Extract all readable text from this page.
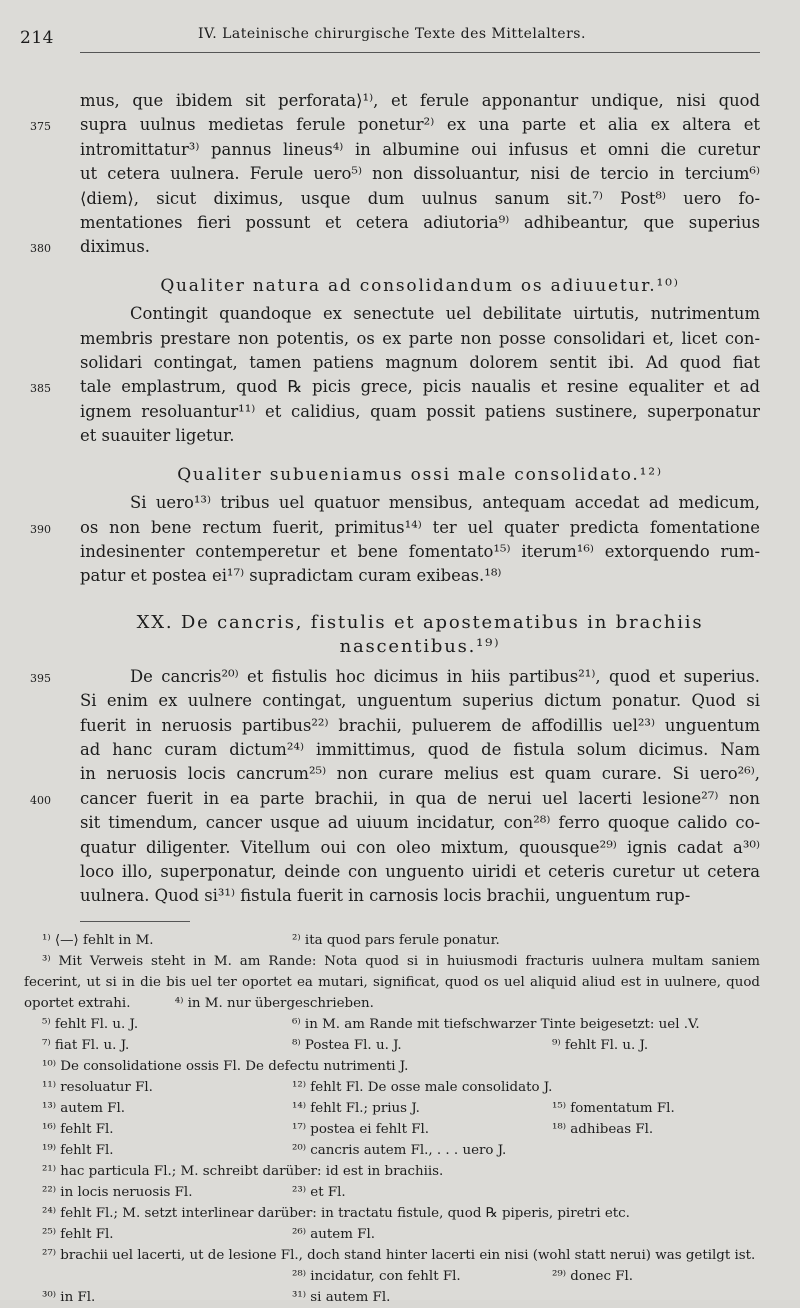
214	IV. Lateinische chirurgische Texte des Mittelalters.
mus, que ibidem sit perforata⟩¹⁾, et ferule apponantur undique, nisi quod
supra uulnus medietas ferule ponetur²⁾ ex una parte et alia ex altera et
375
intromittatur³⁾ pannus lineus⁴⁾ in albumine oui infusus et omni die curetur
ut cetera uulnera. Ferule uero⁵⁾ non dissoluantur, nisi de tercio in tercium⁶⁾
⟨diem⟩, sicut diximus, usque dum uulnus sanum sit.⁷⁾ Post⁸⁾ uero fo-
mentationes fieri possunt et cetera adiutoria⁹⁾ adhibeantur, que superius
diximus.
380
Qualiter natura ad consolidandum os adiuuetur.¹⁰⁾
Contingit quandoque ex senectute uel debilitate uirtutis, nutrimentum
membris prestare non potentis, os ex parte non posse consolidari et, licet con-
solidari contingat, tamen patiens magnum dolorem sentit ibi. Ad quod fiat
tale emplastrum, quod ℞ picis grece, picis naualis et resine equaliter et ad
385
ignem resoluantur¹¹⁾ et calidius, quam possit patiens sustinere, superponatur
et suauiter ligetur.
Qualiter subueniamus ossi male consolidato.¹²⁾
Si uero¹³⁾ tribus uel quatuor mensibus, antequam accedat ad medicum,
os non bene rectum fuerit, primitus¹⁴⁾ ter uel quater predicta fomentatione
390
indesinenter contemperetur et bene fomentato¹⁵⁾ iterum¹⁶⁾ extorquendo rum-
patur et postea ei¹⁷⁾ supradictam curam exibeas.¹⁸⁾
XX. De cancris, fistulis et apostematibus in brachiis
nascentibus.¹⁹⁾
De cancris²⁰⁾ et fistulis hoc dicimus in hiis partibus²¹⁾, quod et superius.
395
Si enim ex uulnere contingat, unguentum superius dictum ponatur. Quod si
fuerit in neruosis partibus²²⁾ brachii, puluerem de affodillis uel²³⁾ unguentum
ad hanc curam dictum²⁴⁾ immittimus, quod de fistula solum dicimus. Nam
in neruosis locis cancrum²⁵⁾ non curare melius est quam curare. Si uero²⁶⁾,
cancer fuerit in ea parte brachii, in qua de nerui uel lacerti lesione²⁷⁾ non
400
sit timendum, cancer usque ad uiuum incidatur, con²⁸⁾ ferro quoque calido co-
quatur diligenter. Vitellum oui con oleo mixtum, quousque²⁹⁾ ignis cadat a³⁰⁾
loco illo, superponatur, deinde con unguento uiridi et ceteris curetur ut cetera
uulnera. Quod si³¹⁾ fistula fuerit in carnosis locis brachii, unguentum rup-
¹⁾ ⟨—⟩ fehlt in M.	²⁾ ita quod pars ferule ponatur.
³⁾ Mit Verweis steht in M. am Rande: Nota quod si in huiusmodi fracturis uulnera multam saniem fecerint, ut si in die bis uel ter oportet ea mutari, significat, quod os uel aliquid aliud est in uulnere, quod oportet extrahi.	⁴⁾ in M. nur übergeschrieben.
⁵⁾ fehlt Fl. u. J.	⁶⁾ in M. am Rande mit tiefschwarzer Tinte beigesetzt: uel .V.
⁷⁾ fiat Fl. u. J.	⁸⁾ Postea Fl. u. J.	⁹⁾ fehlt Fl. u. J.
¹⁰⁾ De consolidatione ossis Fl. De defectu nutrimenti J.
¹¹⁾ resoluatur Fl.	¹²⁾ fehlt Fl. De osse male consolidato J.
¹³⁾ autem Fl.	¹⁴⁾ fehlt Fl.; prius J.	¹⁵⁾ fomentatum Fl.
¹⁶⁾ fehlt Fl.	¹⁷⁾ postea ei fehlt Fl.	¹⁸⁾ adhibeas Fl.
¹⁹⁾ fehlt Fl.	²⁰⁾ cancris autem Fl., . . . uero J.
²¹⁾ hac particula Fl.; M. schreibt darüber: id est in brachiis.
²²⁾ in locis neruosis Fl.	²³⁾ et Fl.
²⁴⁾ fehlt Fl.; M. setzt interlinear darüber: in tractatu fistule, quod ℞ piperis, piretri etc.
²⁵⁾ fehlt Fl.	²⁶⁾ autem Fl.
²⁷⁾ brachii uel lacerti, ut de lesione Fl., doch stand hinter lacerti ein nisi (wohl statt nerui) was getilgt ist.
²⁸⁾ incidatur, con fehlt Fl.	²⁹⁾ donec Fl.
³⁰⁾ in Fl.	³¹⁾ si autem Fl.
